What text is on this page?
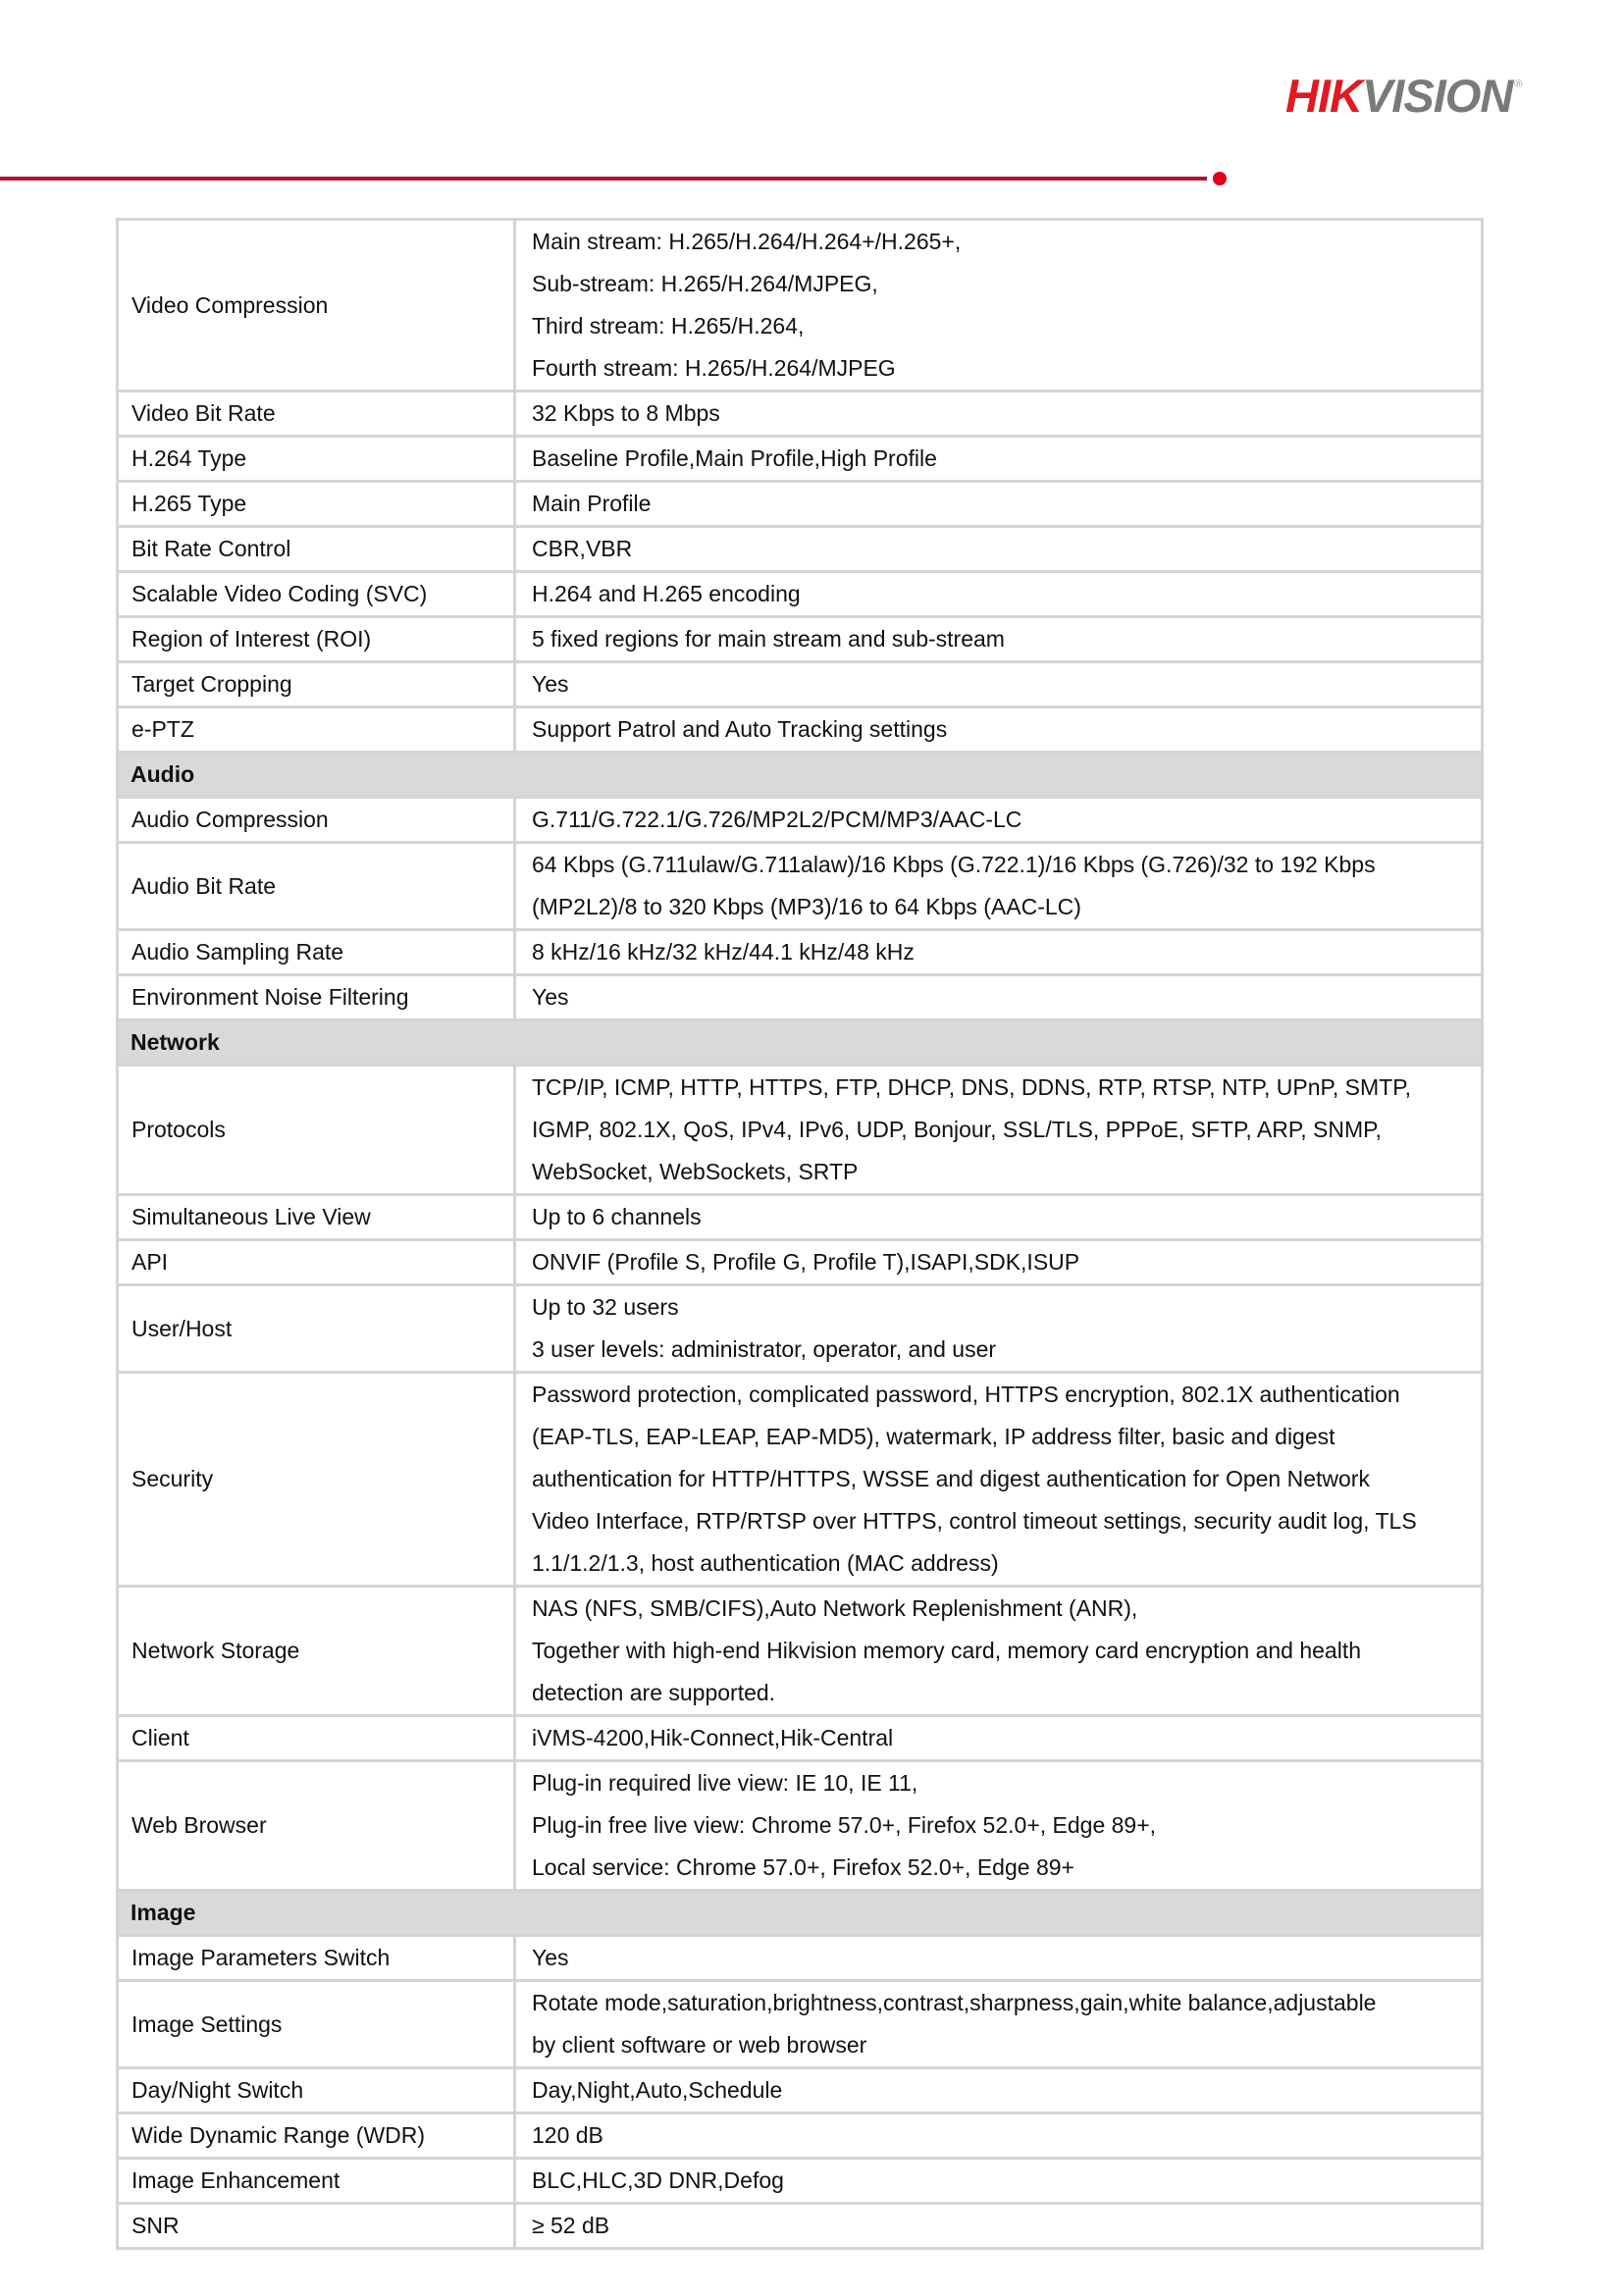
HIKVISION ®
Video Compression	Main stream: H.265/H.264/H.264+/H.265+,
Sub-stream: H.265/H.264/MJPEG,
Third stream: H.265/H.264,
Fourth stream: H.265/H.264/MJPEG

Video Bit Rate	32 Kbps to 8 Mbps

H.264 Type	Baseline Profile,Main Profile,High Profile

H.265 Type	Main Profile

Bit Rate Control	CBR,VBR

Scalable Video Coding (SVC)	H.264 and H.265 encoding

Region of Interest (ROI)	5 fixed regions for main stream and sub-stream

Target Cropping	Yes

e-PTZ	Support Patrol and Auto Tracking settings

Audio	
Audio Compression	G.711/G.722.1/G.726/MP2L2/PCM/MP3/AAC-LC

Audio Bit Rate	64 Kbps (G.711ulaw/G.711alaw)/16 Kbps (G.722.1)/16 Kbps (G.726)/32 to 192 Kbps
(MP2L2)/8 to 320 Kbps (MP3)/16 to 64 Kbps (AAC-LC)

Audio Sampling Rate	8 kHz/16 kHz/32 kHz/44.1 kHz/48 kHz

Environment Noise Filtering	Yes

Network	
Protocols	TCP/IP, ICMP, HTTP, HTTPS, FTP, DHCP, DNS, DDNS, RTP, RTSP, NTP, UPnP, SMTP,
IGMP, 802.1X, QoS, IPv4, IPv6, UDP, Bonjour, SSL/TLS, PPPoE, SFTP, ARP, SNMP,
WebSocket, WebSockets, SRTP

Simultaneous Live View	Up to 6 channels

API	ONVIF (Profile S, Profile G, Profile T),ISAPI,SDK,ISUP

User/Host	Up to 32 users
3 user levels: administrator, operator, and user

Security	Password protection, complicated password, HTTPS encryption, 802.1X authentication
(EAP-TLS, EAP-LEAP, EAP-MD5), watermark, IP address filter, basic and digest
authentication for HTTP/HTTPS, WSSE and digest authentication for Open Network
Video Interface, RTP/RTSP over HTTPS, control timeout settings, security audit log, TLS
1.1/1.2/1.3, host authentication (MAC address)

Network Storage	NAS (NFS, SMB/CIFS),Auto Network Replenishment (ANR),
Together with high-end Hikvision memory card, memory card encryption and health
detection are supported.

Client	iVMS-4200,Hik-Connect,Hik-Central

Web Browser	Plug-in required live view: IE 10, IE 11,
Plug-in free live view: Chrome 57.0+, Firefox 52.0+, Edge 89+,
Local service: Chrome 57.0+, Firefox 52.0+, Edge 89+

Image	
Image Parameters Switch	Yes

Image Settings	Rotate mode,saturation,brightness,contrast,sharpness,gain,white balance,adjustable
by client software or web browser

Day/Night Switch	Day,Night,Auto,Schedule

Wide Dynamic Range (WDR)	120 dB

Image Enhancement	BLC,HLC,3D DNR,Defog

SNR	≥ 52 dB
